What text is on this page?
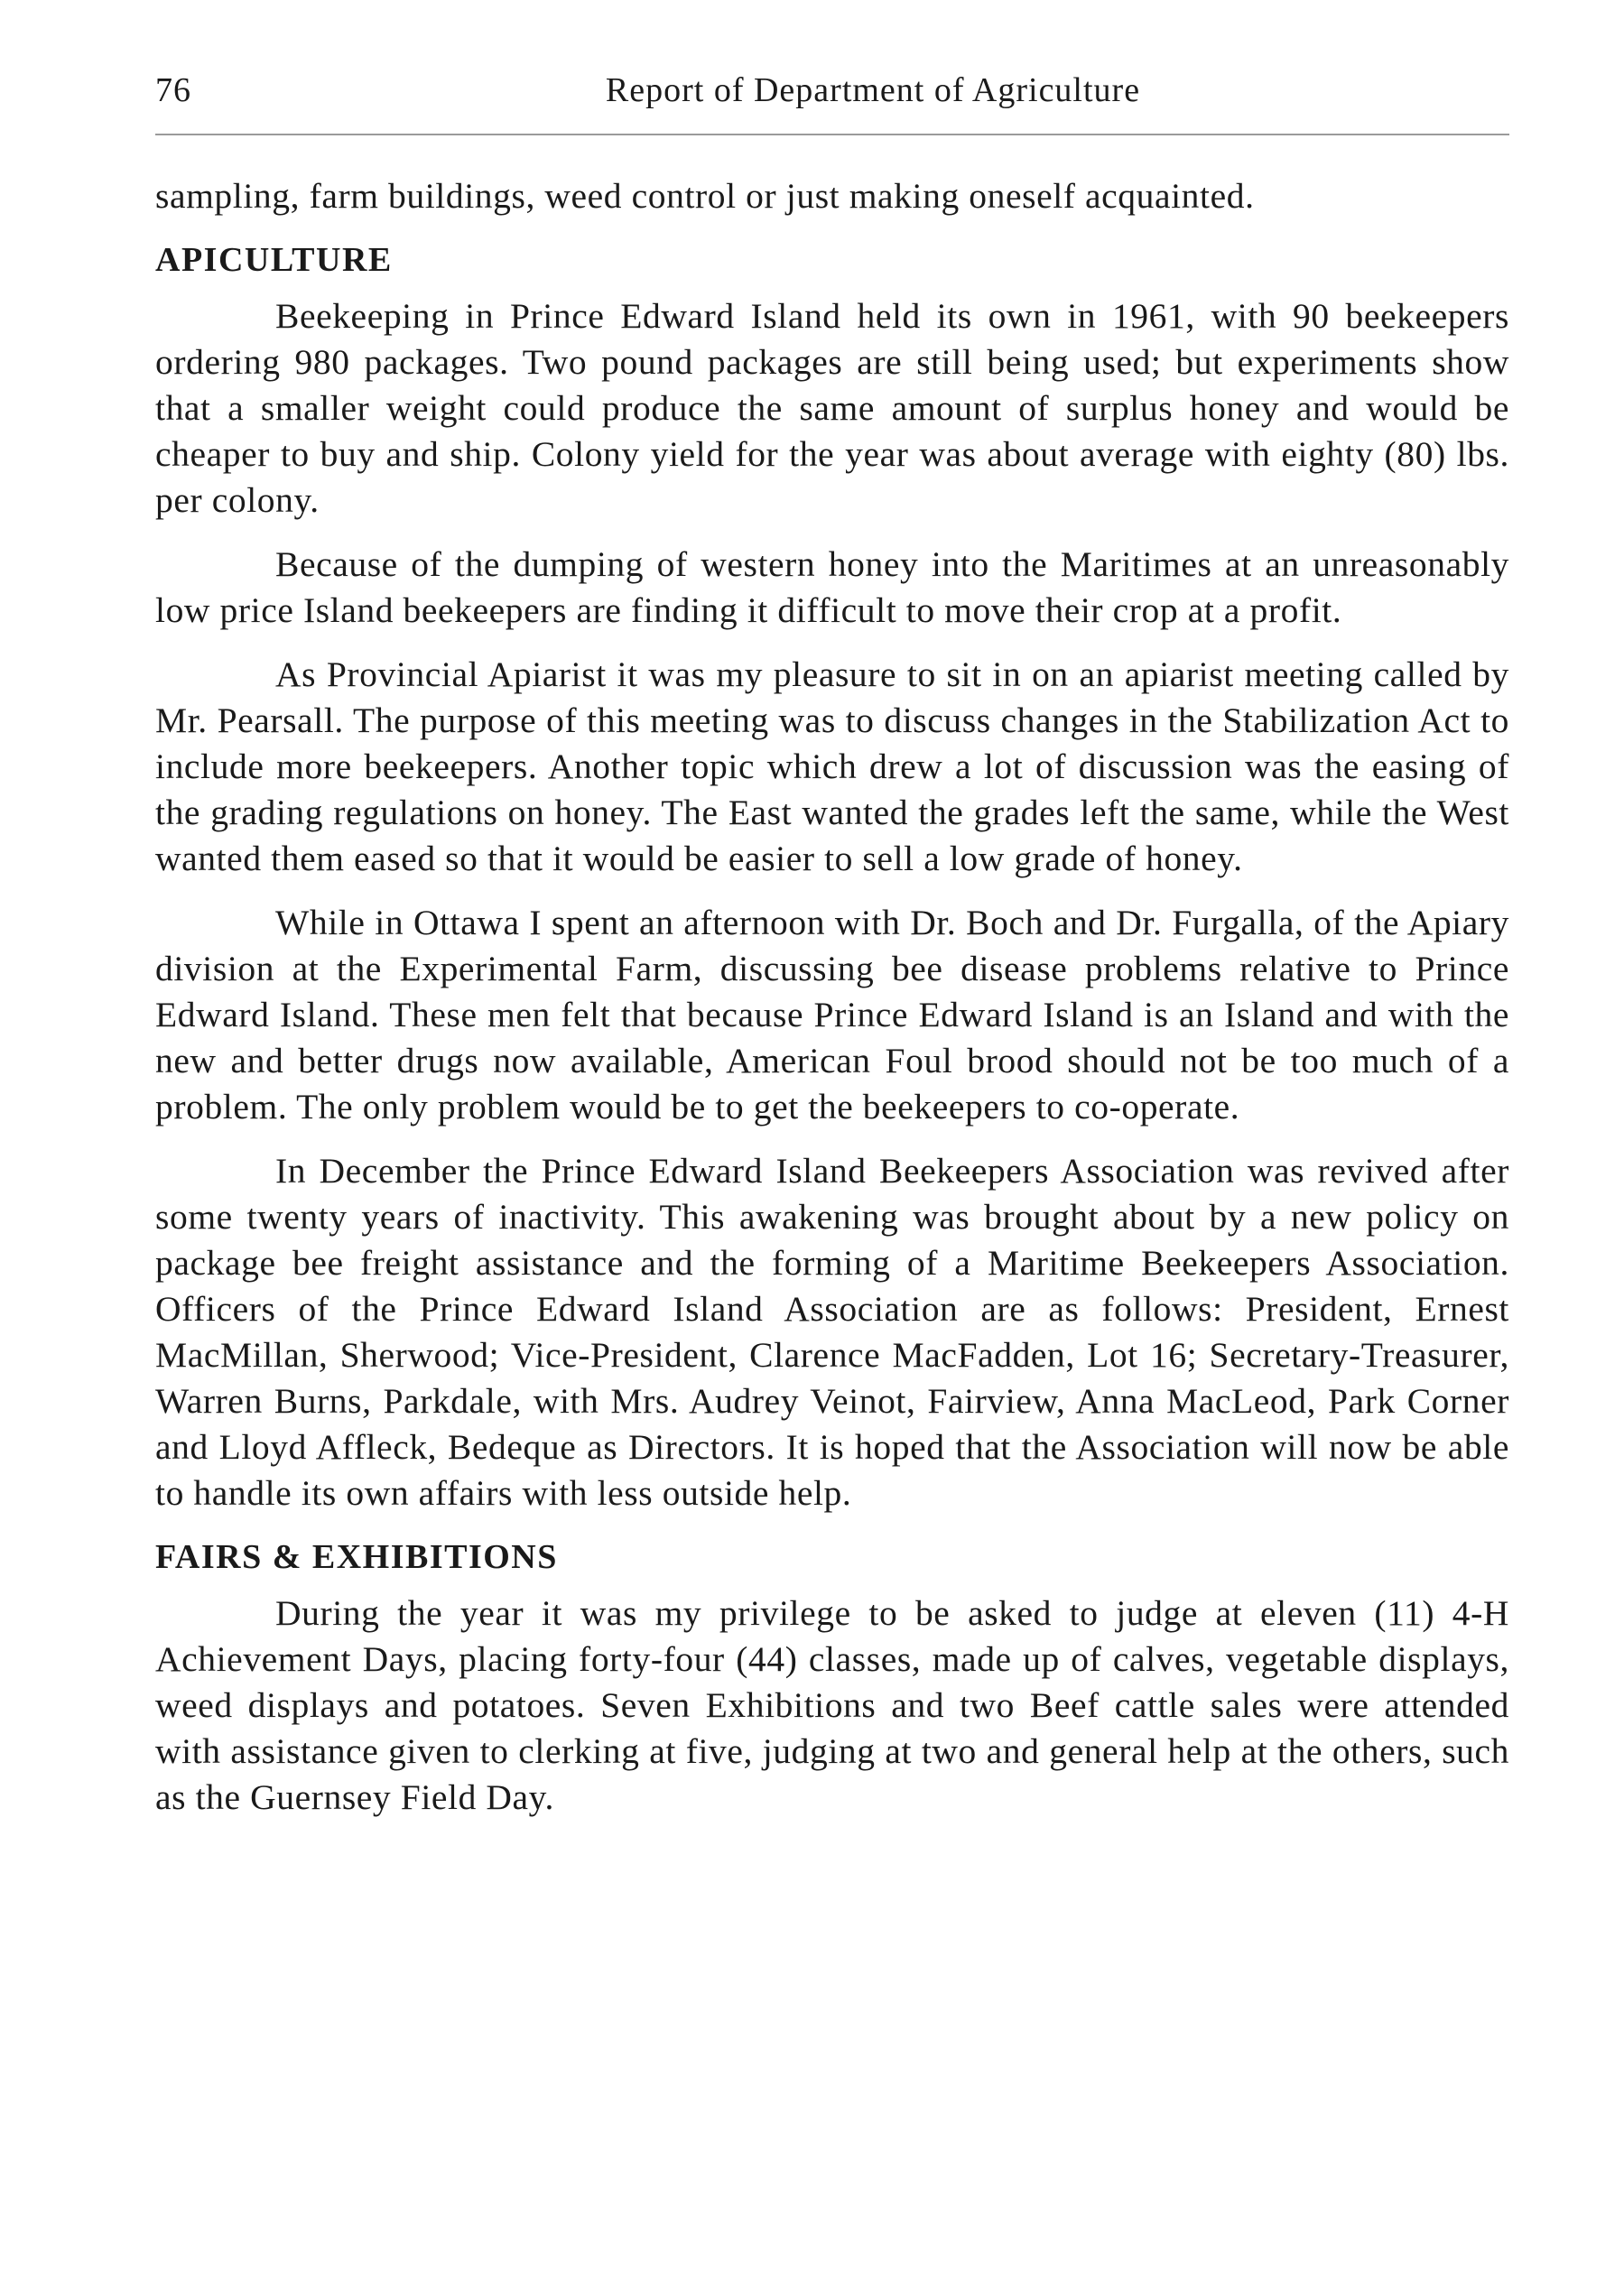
76	Report of Department of Agriculture

sampling, farm buildings, weed control or just making oneself acquainted.

APICULTURE

Beekeeping in Prince Edward Island held its own in 1961, with 90 beekeepers ordering 980 packages. Two pound packages are still being used; but experiments show that a smaller weight could produce the same amount of surplus honey and would be cheaper to buy and ship. Colony yield for the year was about average with eighty (80) lbs. per colony.

Because of the dumping of western honey into the Maritimes at an unreasonably low price Island beekeepers are finding it difficult to move their crop at a profit.

As Provincial Apiarist it was my pleasure to sit in on an apiarist meeting called by Mr. Pearsall. The purpose of this meeting was to discuss changes in the Stabilization Act to include more beekeepers. Another topic which drew a lot of discussion was the easing of the grading regulations on honey. The East wanted the grades left the same, while the West wanted them eased so that it would be easier to sell a low grade of honey.

While in Ottawa I spent an afternoon with Dr. Boch and Dr. Furgalla, of the Apiary division at the Experimental Farm, discussing bee disease problems relative to Prince Edward Island. These men felt that because Prince Edward Island is an Island and with the new and better drugs now available, American Foul brood should not be too much of a problem. The only problem would be to get the beekeepers to co-operate.

In December the Prince Edward Island Beekeepers Association was revived after some twenty years of inactivity. This awakening was brought about by a new policy on package bee freight assistance and the forming of a Maritime Beekeepers Association. Officers of the Prince Edward Island Association are as follows: President, Ernest MacMillan, Sherwood; Vice-President, Clarence MacFadden, Lot 16; Secretary-Treasurer, Warren Burns, Parkdale, with Mrs. Audrey Veinot, Fairview, Anna MacLeod, Park Corner and Lloyd Affleck, Bedeque as Directors. It is hoped that the Association will now be able to handle its own affairs with less outside help.

FAIRS & EXHIBITIONS

During the year it was my privilege to be asked to judge at eleven (11) 4-H Achievement Days, placing forty-four (44) classes, made up of calves, vegetable displays, weed displays and potatoes. Seven Exhibitions and two Beef cattle sales were attended with assistance given to clerking at five, judging at two and general help at the others, such as the Guernsey Field Day.
